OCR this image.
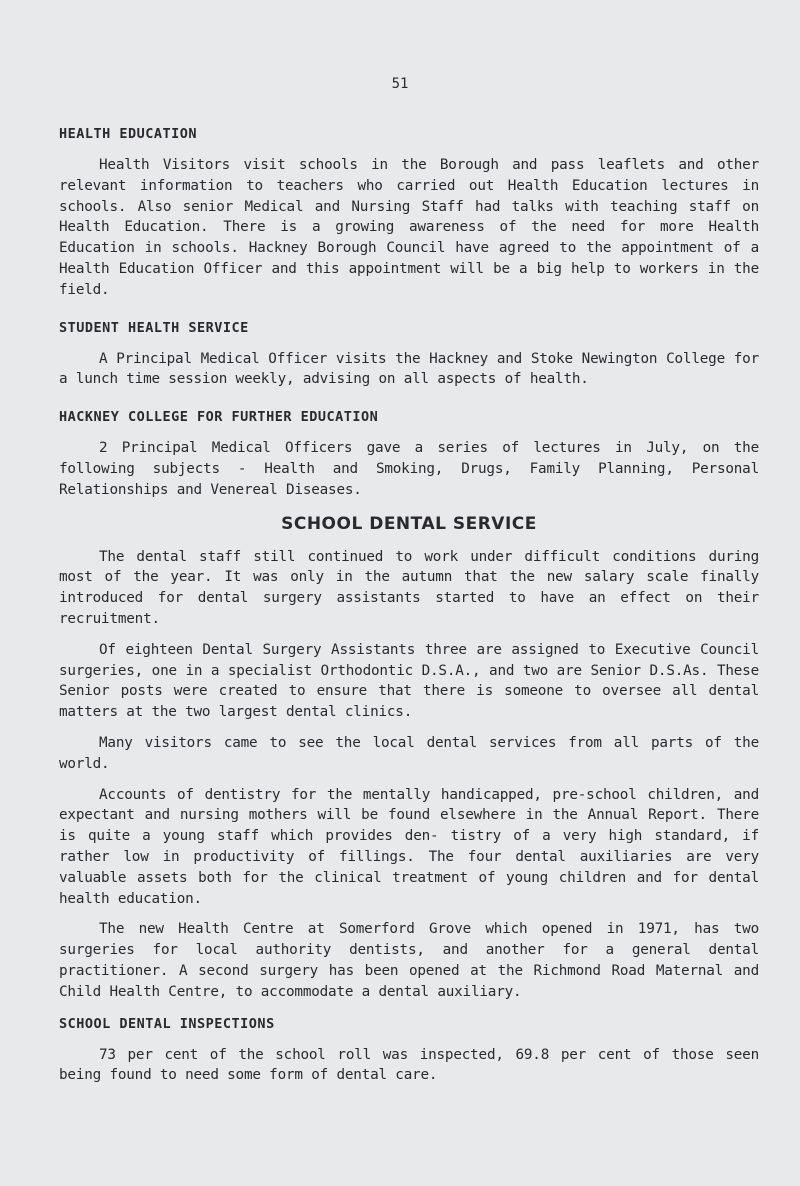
51
HEALTH EDUCATION

Health Visitors visit schools in the Borough and pass leaflets and other relevant information to teachers who carried out Health Education lectures in schools. Also senior Medical and Nursing Staff had talks with teaching staff on Health Education. There is a growing awareness of the need for more Health Education in schools. Hackney Borough Council have agreed to the appointment of a Health Education Officer and this appointment will be a big help to workers in the field.

STUDENT HEALTH SERVICE

A Principal Medical Officer visits the Hackney and Stoke Newington College for a lunch time session weekly, advising on all aspects of health.

HACKNEY COLLEGE FOR FURTHER EDUCATION

2 Principal Medical Officers gave a series of lectures in July, on the following subjects - Health and Smoking, Drugs, Family Planning, Personal Relationships and Venereal Diseases.

SCHOOL DENTAL SERVICE

The dental staff still continued to work under difficult conditions during most of the year. It was only in the autumn that the new salary scale finally introduced for dental surgery assistants started to have an effect on their recruitment.

Of eighteen Dental Surgery Assistants three are assigned to Executive Council surgeries, one in a specialist Orthodontic D.S.A., and two are Senior D.S.As. These Senior posts were created to ensure that there is someone to oversee all dental matters at the two largest dental clinics.

Many visitors came to see the local dental services from all parts of the world.

Accounts of dentistry for the mentally handicapped, pre-school children, and expectant and nursing mothers will be found elsewhere in the Annual Report. There is quite a young staff which provides den- tistry of a very high standard, if rather low in productivity of fillings. The four dental auxiliaries are very valuable assets both for the clinical treatment of young children and for dental health education.

The new Health Centre at Somerford Grove which opened in 1971, has two surgeries for local authority dentists, and another for a general dental practitioner. A second surgery has been opened at the Richmond Road Maternal and Child Health Centre, to accommodate a dental auxiliary.

SCHOOL DENTAL INSPECTIONS

73 per cent of the school roll was inspected, 69.8 per cent of those seen being found to need some form of dental care.
